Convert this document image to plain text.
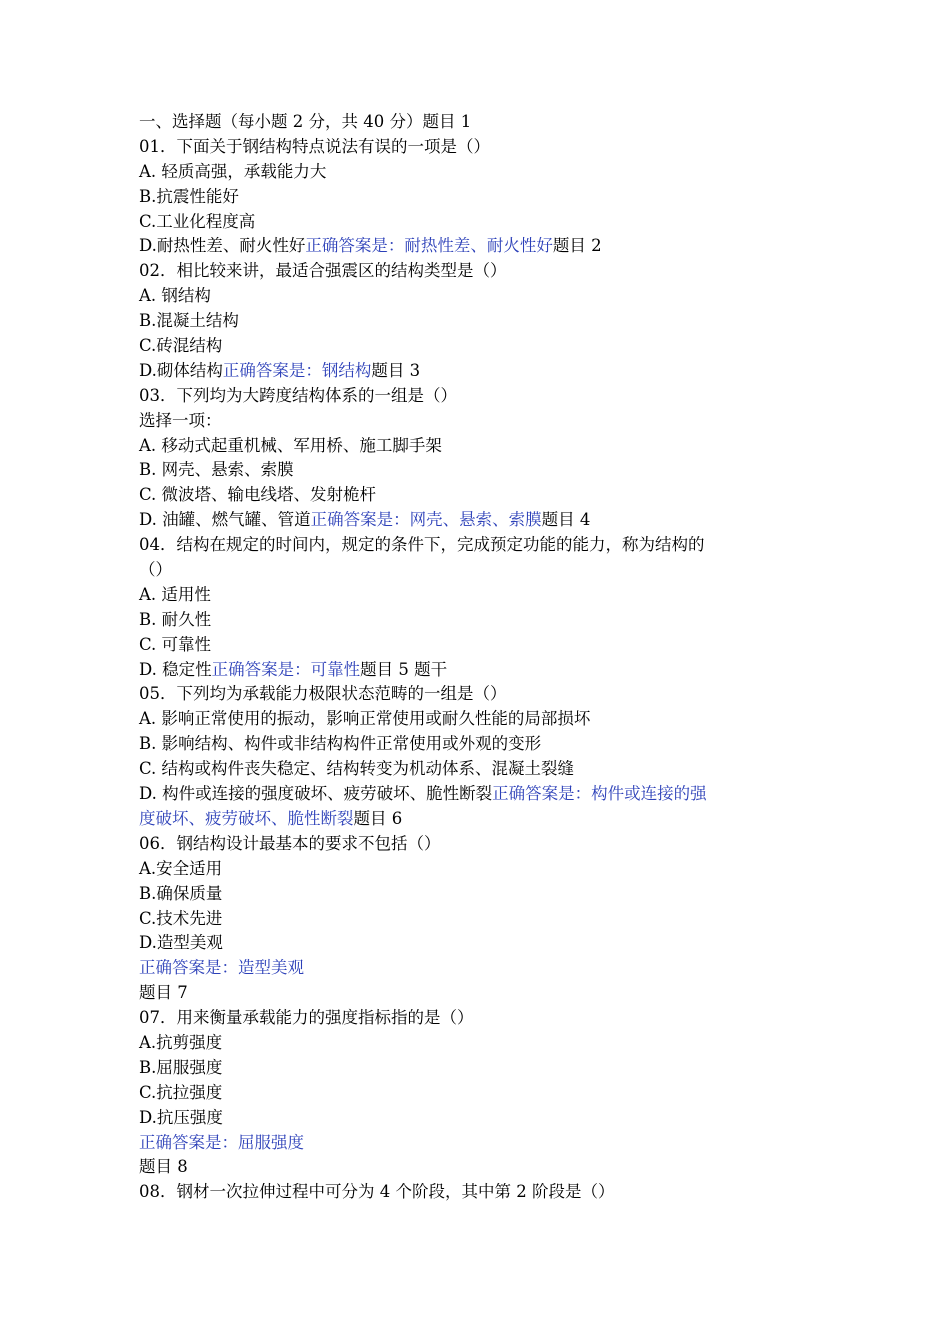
一、选择题（每小题 2 分，共 40 分）题目 1
01．下面关于钢结构特点说法有误的一项是（）
A. 轻质高强，承载能力大
B.抗震性能好
C.工业化程度高
D.耐热性差、耐火性好正确答案是：耐热性差、耐火性好题目 2
02．相比较来讲，最适合强震区的结构类型是（）
A. 钢结构
B.混凝土结构
C.砖混结构
D.砌体结构正确答案是：钢结构题目 3
03．下列均为大跨度结构体系的一组是（）
选择一项：
A. 移动式起重机械、军用桥、施工脚手架
B. 网壳、悬索、索膜
C. 微波塔、输电线塔、发射桅杆
D. 油罐、燃气罐、管道正确答案是：网壳、悬索、索膜题目 4
04．结构在规定的时间内，规定的条件下，完成预定功能的能力，称为结构的
（）
A. 适用性
B. 耐久性
C. 可靠性
D. 稳定性正确答案是：可靠性题目 5 题干
05．下列均为承载能力极限状态范畴的一组是（）
A. 影响正常使用的振动，影响正常使用或耐久性能的局部损坏
B. 影响结构、构件或非结构构件正常使用或外观的变形
C. 结构或构件丧失稳定、结构转变为机动体系、混凝土裂缝
D. 构件或连接的强度破坏、疲劳破坏、脆性断裂正确答案是：构件或连接的强
度破坏、疲劳破坏、脆性断裂题目 6
06．钢结构设计最基本的要求不包括（）
A.安全适用
B.确保质量
C.技术先进
D.造型美观
正确答案是：造型美观
题目 7
07．用来衡量承载能力的强度指标指的是（）
A.抗剪强度
B.屈服强度
C.抗拉强度
D.抗压强度
正确答案是：屈服强度
题目 8
08．钢材一次拉伸过程中可分为 4 个阶段，其中第 2 阶段是（）
